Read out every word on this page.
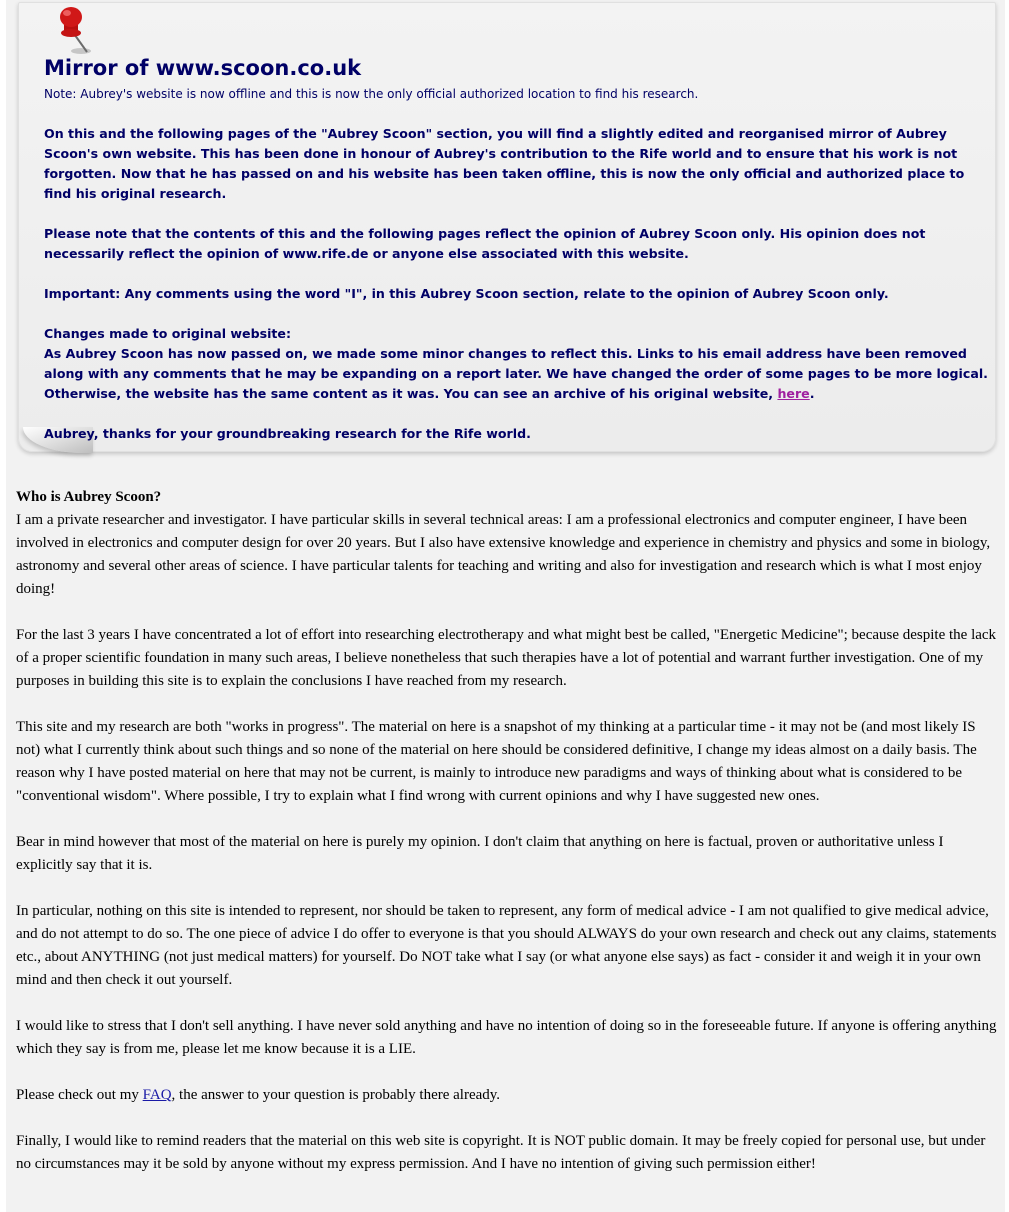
Mirror of www.scoon.co.uk

Note: Aubrey's website is now offline and this is now the only official authorized location to find his research.

On this and the following pages of the "Aubrey Scoon" section, you will find a slightly edited and reorganised mirror of Aubrey Scoon's own website. This has been done in honour of Aubrey's contribution to the Rife world and to ensure that his work is not forgotten. Now that he has passed on and his website has been taken offline, this is now the only official and authorized place to find his original research.

Please note that the contents of this and the following pages reflect the opinion of Aubrey Scoon only. His opinion does not necessarily reflect the opinion of www.rife.de or anyone else associated with this website.

Important: Any comments using the word "I", in this Aubrey Scoon section, relate to the opinion of Aubrey Scoon only.

Changes made to original website:
As Aubrey Scoon has now passed on, we made some minor changes to reflect this. Links to his email address have been removed along with any comments that he may be expanding on a report later. We have changed the order of some pages to be more logical. Otherwise, the website has the same content as it was. You can see an archive of his original website, here.

Aubrey, thanks for your groundbreaking research for the Rife world.

Who is Aubrey Scoon?

I am a private researcher and investigator. I have particular skills in several technical areas: I am a professional electronics and computer engineer, I have been involved in electronics and computer design for over 20 years. But I also have extensive knowledge and experience in chemistry and physics and some in biology, astronomy and several other areas of science. I have particular talents for teaching and writing and also for investigation and research which is what I most enjoy doing!

For the last 3 years I have concentrated a lot of effort into researching electrotherapy and what might best be called, "Energetic Medicine"; because despite the lack of a proper scientific foundation in many such areas, I believe nonetheless that such therapies have a lot of potential and warrant further investigation. One of my purposes in building this site is to explain the conclusions I have reached from my research.

This site and my research are both "works in progress". The material on here is a snapshot of my thinking at a particular time - it may not be (and most likely IS not) what I currently think about such things and so none of the material on here should be considered definitive, I change my ideas almost on a daily basis. The reason why I have posted material on here that may not be current, is mainly to introduce new paradigms and ways of thinking about what is considered to be "conventional wisdom". Where possible, I try to explain what I find wrong with current opinions and why I have suggested new ones.

Bear in mind however that most of the material on here is purely my opinion. I don't claim that anything on here is factual, proven or authoritative unless I explicitly say that it is.

In particular, nothing on this site is intended to represent, nor should be taken to represent, any form of medical advice - I am not qualified to give medical advice, and do not attempt to do so. The one piece of advice I do offer to everyone is that you should ALWAYS do your own research and check out any claims, statements etc., about ANYTHING (not just medical matters) for yourself. Do NOT take what I say (or what anyone else says) as fact - consider it and weigh it in your own mind and then check it out yourself.

I would like to stress that I don't sell anything. I have never sold anything and have no intention of doing so in the foreseeable future. If anyone is offering anything which they say is from me, please let me know because it is a LIE.

Please check out my FAQ, the answer to your question is probably there already.

Finally, I would like to remind readers that the material on this web site is copyright. It is NOT public domain. It may be freely copied for personal use, but under no circumstances may it be sold by anyone without my express permission. And I have no intention of giving such permission either!
